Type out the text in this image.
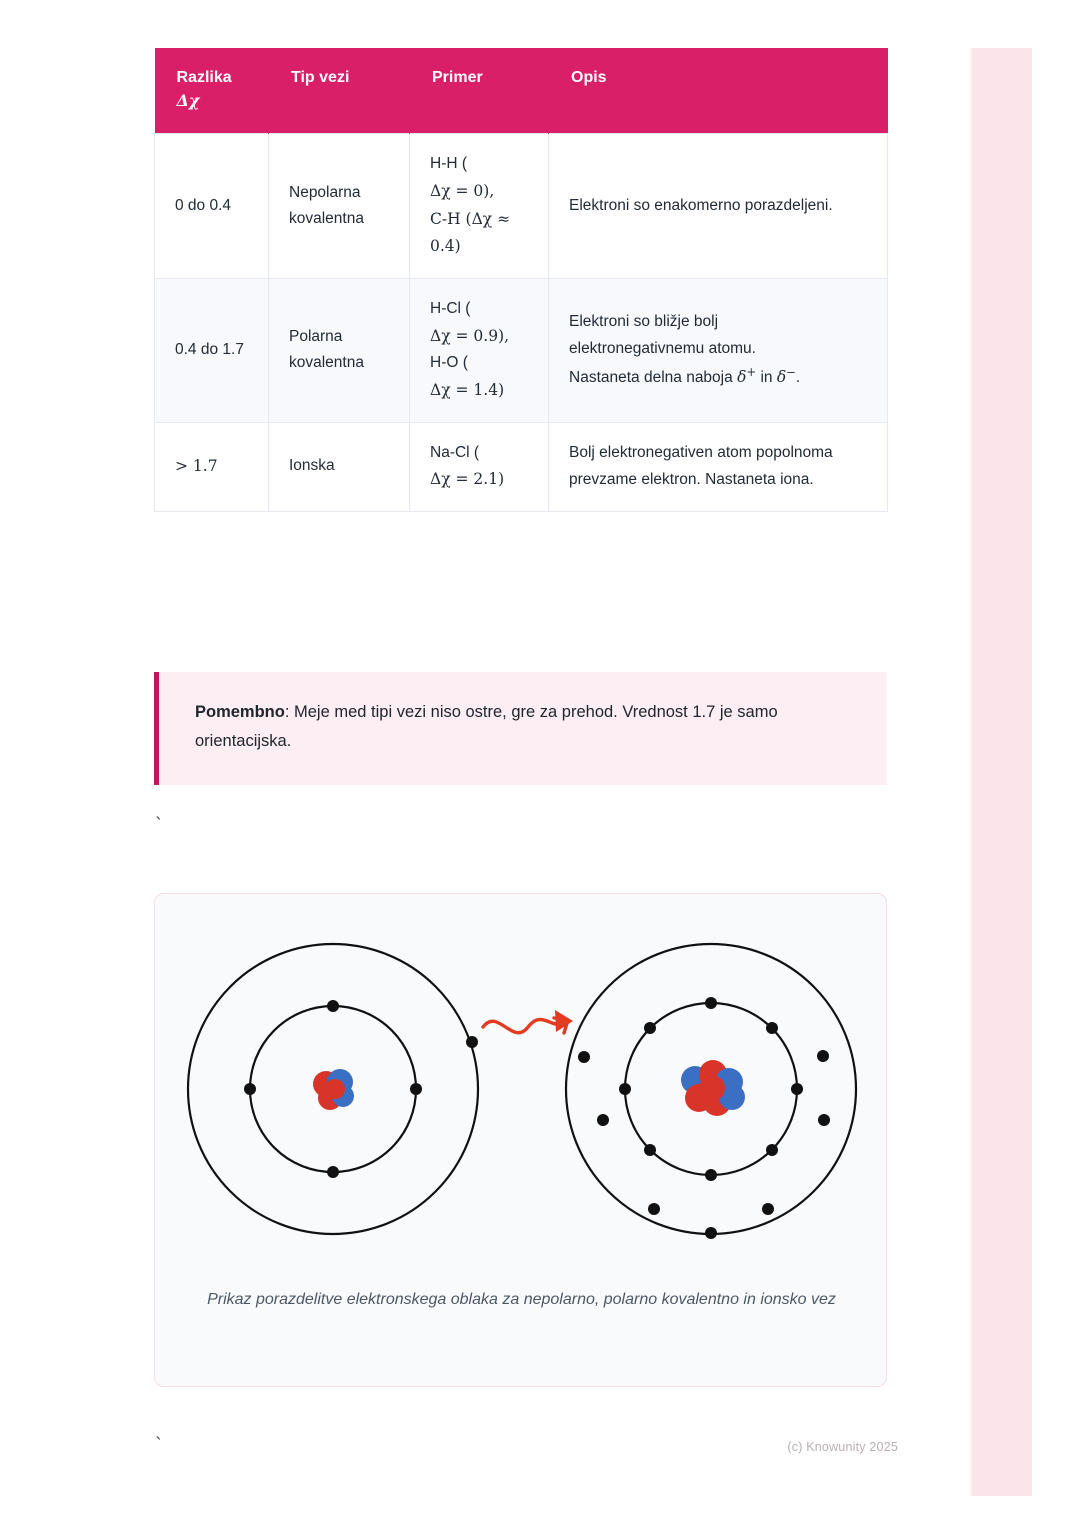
Razlika
Δχ	Tip vezi	Primer	Opis
0 do 0.4	Nepolarna kovalentna	H-H (
Δχ = 0),
C-H (Δχ ≈
0.4)	Elektroni so enakomerno porazdeljeni.
0.4 do 1.7	Polarna kovalentna	H-Cl (
Δχ = 0.9),
H-O (
Δχ = 1.4)	Elektroni so bližje bolj
elektronegativnemu atomu.
Nastaneta delna naboja δ+ in δ−.
> 1.7	Ionska	Na-Cl (
Δχ = 2.1)	Bolj elektronegativen atom popolnoma prevzame elektron. Nastaneta iona.
Pomembno: Meje med tipi vezi niso ostre, gre za prehod. Vrednost 1.7 je samo orientacijska.
`
`
Prikaz porazdelitve elektronskega oblaka za nepolarno, polarno kovalentno in ionsko vez
(c) Knowunity 2025
